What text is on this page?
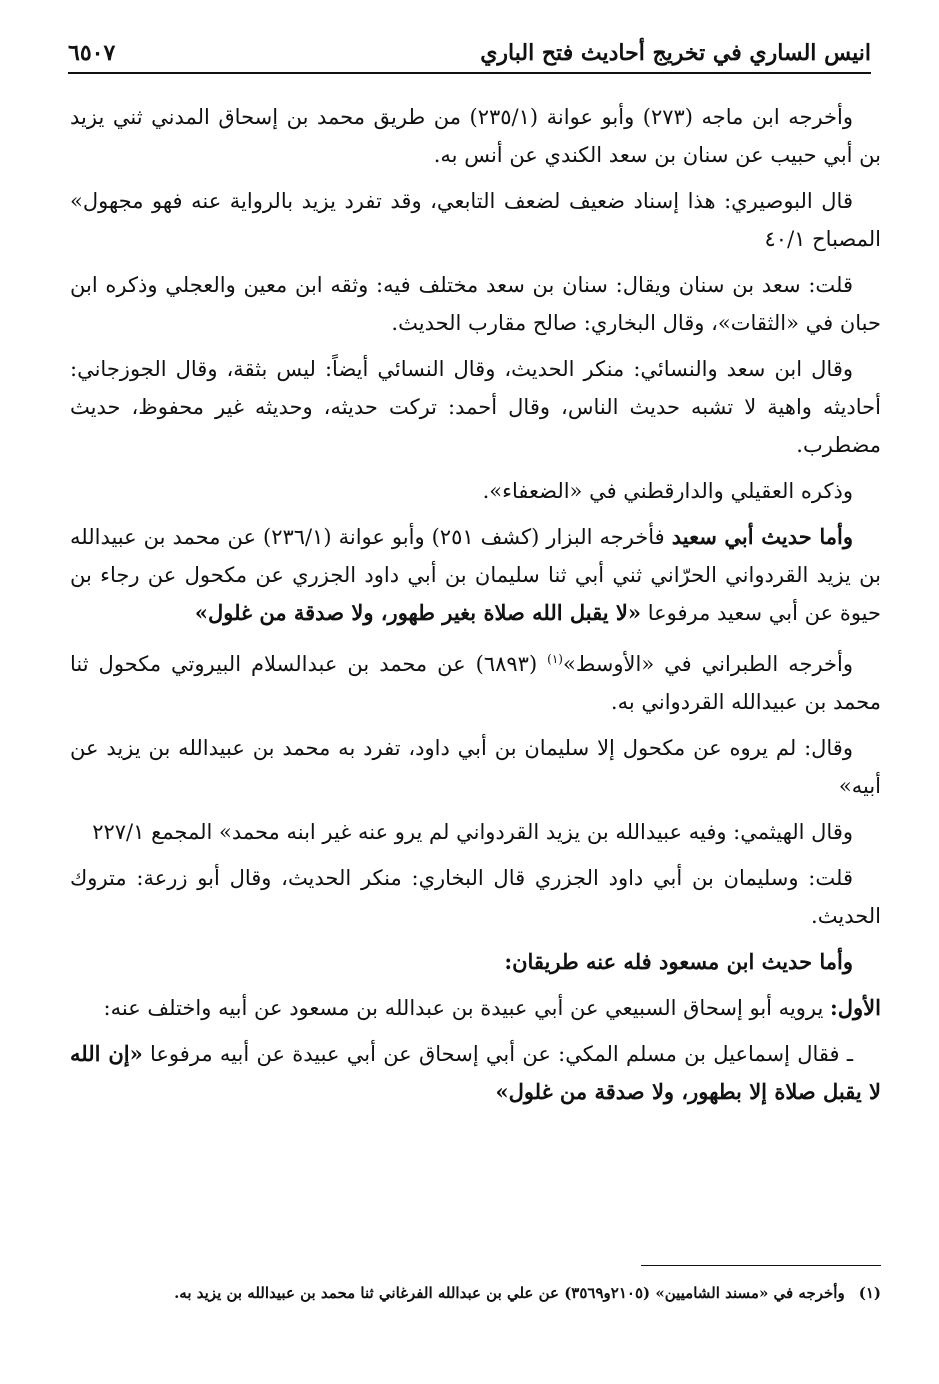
انيس الساري في تخريج أحاديث فتح الباري
٦٥٠٧

وأخرجه ابن ماجه (٢٧٣) وأبو عوانة (٢٣٥/١) من طريق محمد بن إسحاق المدني ثني يزيد بن أبي حبيب عن سنان بن سعد الكندي عن أنس به.

قال البوصيري: هذا إسناد ضعيف لضعف التابعي، وقد تفرد يزيد بالرواية عنه فهو مجهول» المصباح ٤٠/١

قلت: سعد بن سنان ويقال: سنان بن سعد مختلف فيه: وثقه ابن معين والعجلي وذكره ابن حبان في «الثقات»، وقال البخاري: صالح مقارب الحديث.

وقال ابن سعد والنسائي: منكر الحديث، وقال النسائي أيضاً: ليس بثقة، وقال الجوزجاني: أحاديثه واهية لا تشبه حديث الناس، وقال أحمد: تركت حديثه، وحديثه غير محفوظ، حديث مضطرب.

وذكره العقيلي والدارقطني في «الضعفاء».

وأما حديث أبي سعيد فأخرجه البزار (كشف ٢٥١) وأبو عوانة (٢٣٦/١) عن محمد بن عبيدالله بن يزيد القردواني الحرّاني ثني أبي ثنا سليمان بن أبي داود الجزري عن مكحول عن رجاء بن حيوة عن أبي سعيد مرفوعا «لا يقبل الله صلاة بغير طهور، ولا صدقة من غلول»

وأخرجه الطبراني في «الأوسط»$^{(١)}$ (٦٨٩٣) عن محمد بن عبدالسلام البيروتي مكحول ثنا محمد بن عبيدالله القردواني به.

وقال: لم يروه عن مكحول إلا سليمان بن أبي داود، تفرد به محمد بن عبيدالله بن يزيد عن أبيه»

وقال الهيثمي: وفيه عبيدالله بن يزيد القردواني لم يرو عنه غير ابنه محمد» المجمع ٢٢٧/١

قلت: وسليمان بن أبي داود الجزري قال البخاري: منكر الحديث، وقال أبو زرعة: متروك الحديث.

وأما حديث ابن مسعود فله عنه طريقان:

الأول: يرويه أبو إسحاق السبيعي عن أبي عبيدة بن عبدالله بن مسعود عن أبيه واختلف عنه:

ـ فقال إسماعيل بن مسلم المكي: عن أبي إسحاق عن أبي عبيدة عن أبيه مرفوعا «إن الله لا يقبل صلاة إلا بطهور، ولا صدقة من غلول»

(١)وأخرجه في «مسند الشاميين» (٢١٠٥و٣٥٦٩) عن علي بن عبدالله الفرغاني ثنا محمد بن عبيدالله بن يزيد به.
